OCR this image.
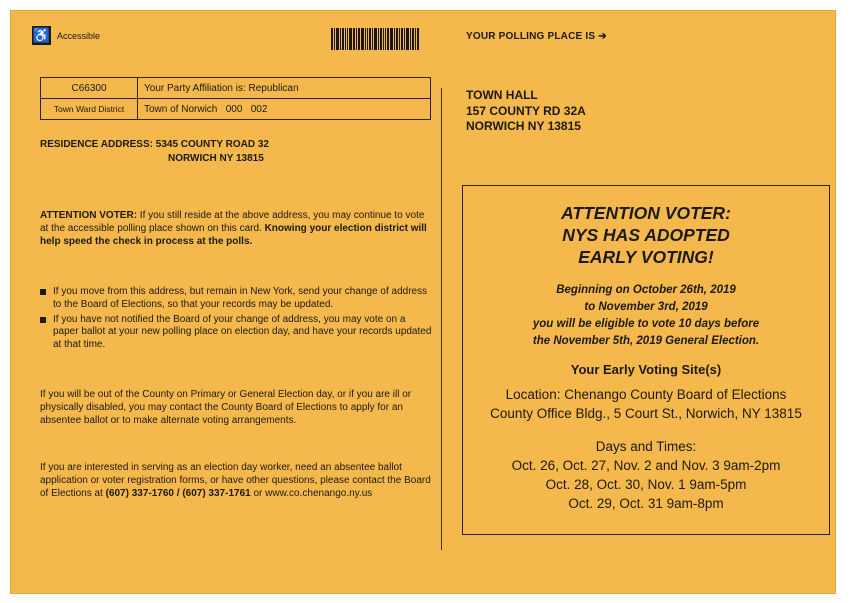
♿ Accessible	YOUR POLLING PLACE IS ➔
C66300	Your Party Affiliation is: Republican
Town Ward District	Town of Norwich   000   002
RESIDENCE ADDRESS: 5345 COUNTY ROAD 32
NORWICH NY 13815
TOWN HALL
157 COUNTY RD 32A
NORWICH NY 13815
ATTENTION VOTER: If you still reside at the above address, you may continue to vote at the accessible polling place shown on this card. Knowing your election district will help speed the check in process at the polls.
If you move from this address, but remain in New York, send your change of address to the Board of Elections, so that your records may be updated.
If you have not notified the Board of your change of address, you may vote on a paper ballot at your new polling place on election day, and have your records updated at that time.
If you will be out of the County on Primary or General Election day, or if you are ill or physically disabled, you may contact the County Board of Elections to apply for an absentee ballot or to make alternate voting arrangements.
If you are interested in serving as an election day worker, need an absentee ballot application or voter registration forms, or have other questions, please contact the Board of Elections at (607) 337-1760 / (607) 337-1761 or www.co.chenango.ny.us
ATTENTION VOTER:
NYS HAS ADOPTED
EARLY VOTING!
Beginning on October 26th, 2019
to November 3rd, 2019
you will be eligible to vote 10 days before
the November 5th, 2019 General Election.
Your Early Voting Site(s)
Location: Chenango County Board of Elections
County Office Bldg., 5 Court St., Norwich, NY 13815
Days and Times:
Oct. 26, Oct. 27, Nov. 2 and Nov. 3 9am-2pm
Oct. 28, Oct. 30, Nov. 1 9am-5pm
Oct. 29, Oct. 31 9am-8pm
